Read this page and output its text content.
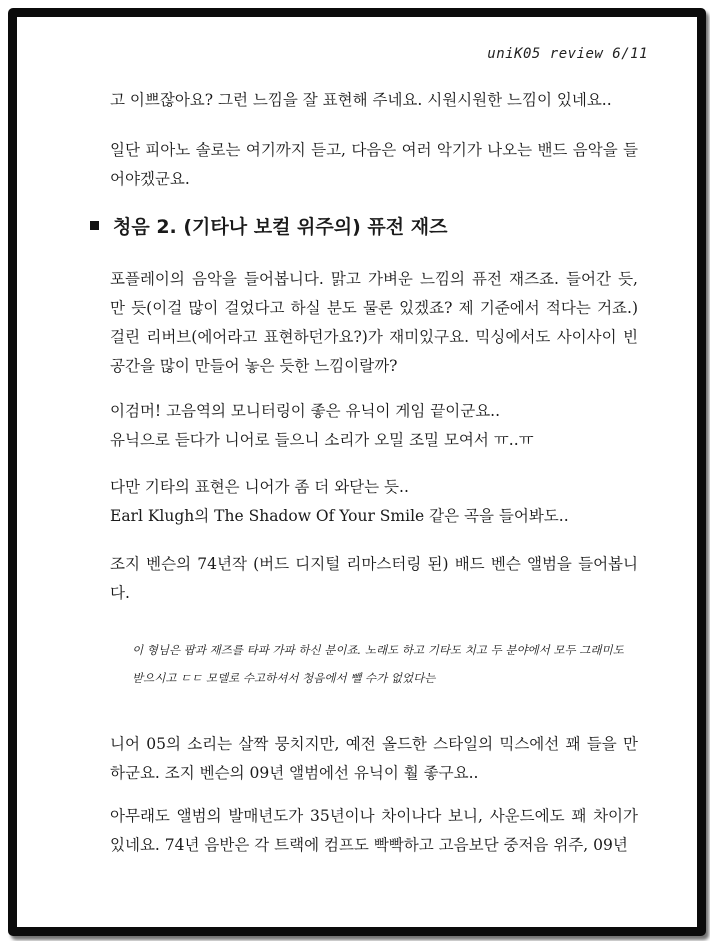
uniK05 review 6/11

고 이쁘잖아요? 그런 느낌을 잘 표현해 주네요. 시원시원한 느낌이 있네요..

일단 피아노 솔로는 여기까지 듣고, 다음은 여러 악기가 나오는 밴드 음악을 들어야겠군요.

청음 2. (기타나 보컬 위주의) 퓨전 재즈

포플레이의 음악을 들어봅니다. 맑고 가벼운 느낌의 퓨전 재즈죠. 들어간 듯, 만 듯(이걸 많이 걸었다고 하실 분도 물론 있겠죠? 제 기준에서 적다는 거죠.) 걸린 리버브(에어라고 표현하던가요?)가 재미있구요. 믹싱에서도 사이사이 빈 공간을 많이 만들어 놓은 듯한 느낌이랄까?

이검머! 고음역의 모니터링이 좋은 유닉이 게임 끝이군요..

유닉으로 듣다가 니어로 들으니 소리가 오밀 조밀 모여서 ㅠ..ㅠ

다만 기타의 표현은 니어가 좀 더 와닫는 듯..

Earl Klugh의 The Shadow Of Your Smile 같은 곡을 들어봐도..

조지 벤슨의 74년작 (버드 디지털 리마스터링 된) 배드 벤슨 앨범을 들어봅니다.

이 형님은 팝과 재즈를 타파 가파 하신 분이죠. 노래도 하고 기타도 치고 두 분야에서 모두 그래미도 받으시고 ㄷㄷ 모델로 수고하셔서 청음에서 뺄 수가 없었다는

니어 05의 소리는 살짝 뭉치지만, 예전 올드한 스타일의 믹스에선 꽤 들을 만 하군요. 조지 벤슨의 09년 앨범에선 유닉이 훨 좋구요..

아무래도 앨범의 발매년도가 35년이나 차이나다 보니, 사운드에도 꽤 차이가 있네요. 74년 음반은 각 트랙에 컴프도 빡빡하고 고음보단 중저음 위주, 09년
